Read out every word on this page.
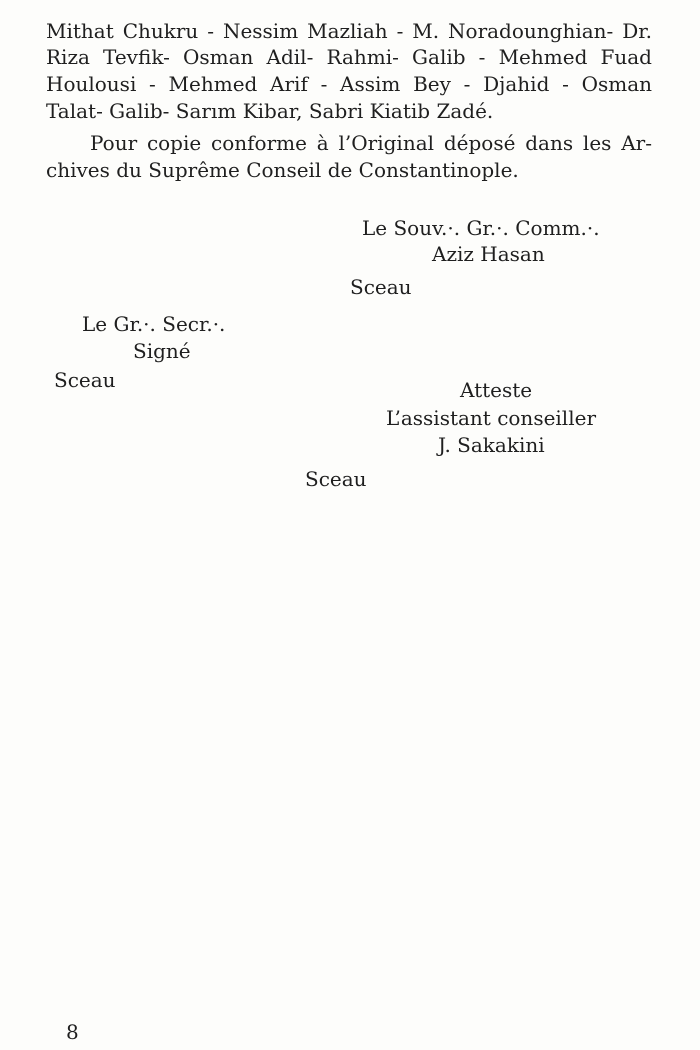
Mithat Chukru - Nessim Mazliah - M. Noradounghian- Dr.
Riza Tevfik- Osman Adil- Rahmi- Galib - Mehmed Fuad
Houlousi - Mehmed Arif - Assim Bey - Djahid - Osman
Talat- Galib- Sarım Kibar, Sabri Kiatib Zadé.
Pour copie conforme à l’Original déposé dans les Ar-
chives du Suprême Conseil de Constantinople.
Le Souv.·. Gr.·. Comm.·.
Aziz Hasan
Sceau
Le Gr.·. Secr.·.
Signé
Sceau	Atteste
L’assistant conseiller
J. Sakakini
Sceau
8
